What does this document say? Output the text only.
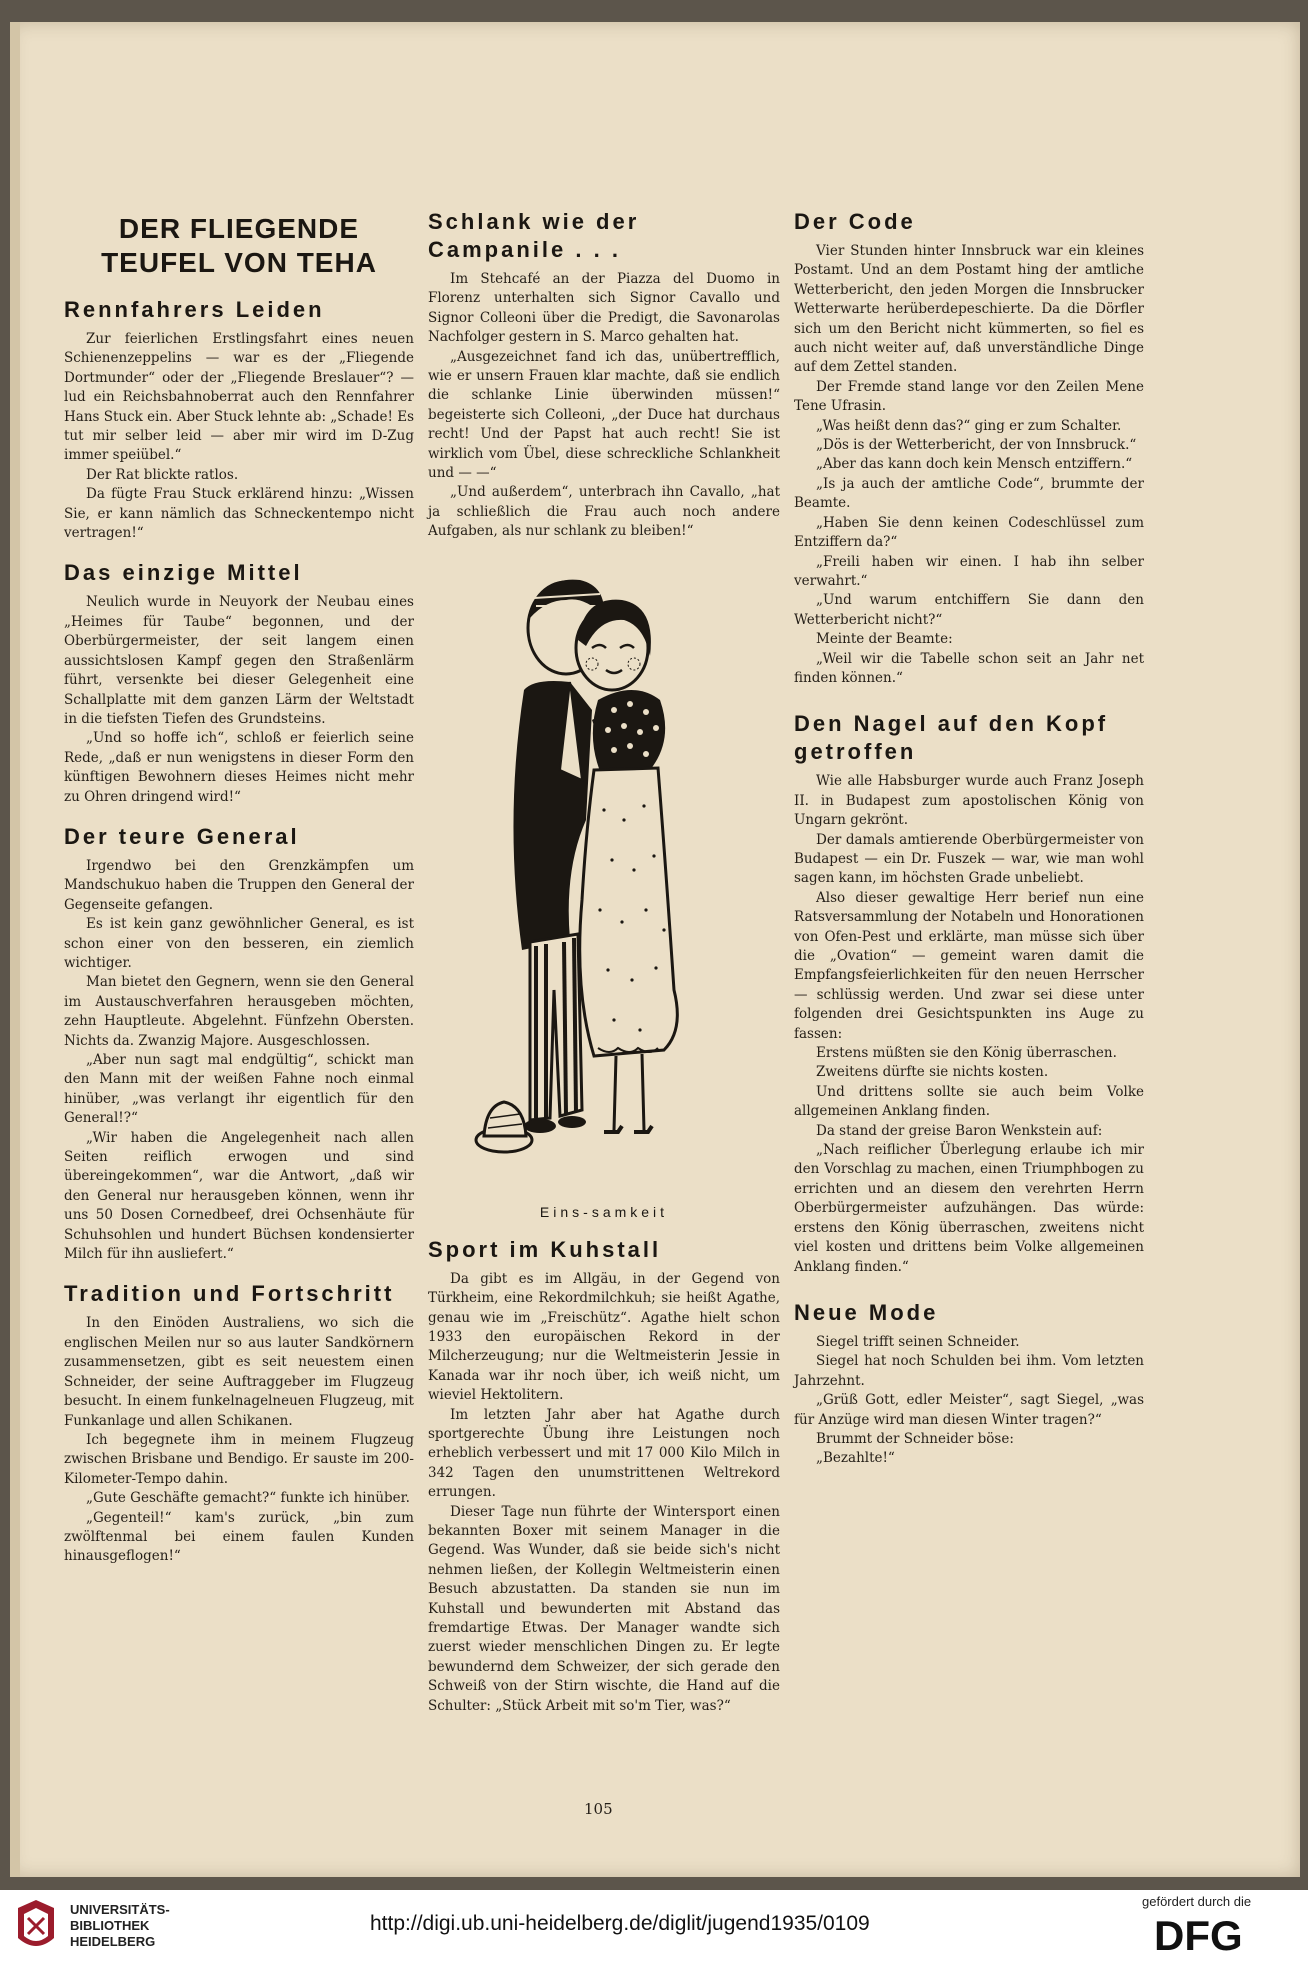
DER FLIEGENDE TEUFEL VON TEHA
Rennfahrers Leiden

Zur feierlichen Erstlingsfahrt eines neuen Schienenzeppelins — war es der „Fliegende Dortmunder“ oder der „Fliegende Breslauer“? — lud ein Reichsbahnoberrat auch den Rennfahrer Hans Stuck ein. Aber Stuck lehnte ab: „Schade! Es tut mir selber leid — aber mir wird im D-Zug immer speiübel.“

Der Rat blickte ratlos.

Da fügte Frau Stuck erklärend hinzu: „Wissen Sie, er kann nämlich das Schneckentempo nicht vertragen!“

Das einzige Mittel

Neulich wurde in Neuyork der Neubau eines „Heimes für Taube“ begonnen, und der Oberbürgermeister, der seit langem einen aussichtslosen Kampf gegen den Straßenlärm führt, versenkte bei dieser Gelegenheit eine Schallplatte mit dem ganzen Lärm der Weltstadt in die tiefsten Tiefen des Grundsteins.

„Und so hoffe ich“, schloß er feierlich seine Rede, „daß er nun wenigstens in dieser Form den künftigen Bewohnern dieses Heimes nicht mehr zu Ohren dringend wird!“

Der teure General

Irgendwo bei den Grenzkämpfen um Mandschukuo haben die Truppen den General der Gegenseite gefangen.

Es ist kein ganz gewöhnlicher General, es ist schon einer von den besseren, ein ziemlich wichtiger.

Man bietet den Gegnern, wenn sie den General im Austauschverfahren herausgeben möchten, zehn Hauptleute. Abgelehnt. Fünfzehn Obersten. Nichts da. Zwanzig Majore. Ausgeschlossen.

„Aber nun sagt mal endgültig“, schickt man den Mann mit der weißen Fahne noch einmal hinüber, „was verlangt ihr eigentlich für den General!?“

„Wir haben die Angelegenheit nach allen Seiten reiflich erwogen und sind übereingekommen“, war die Antwort, „daß wir den General nur herausgeben können, wenn ihr uns 50 Dosen Cornedbeef, drei Ochsenhäute für Schuhsohlen und hundert Büchsen kondensierter Milch für ihn ausliefert.“

Tradition und Fortschritt

In den Einöden Australiens, wo sich die englischen Meilen nur so aus lauter Sandkörnern zusammensetzen, gibt es seit neuestem einen Schneider, der seine Auftraggeber im Flugzeug besucht. In einem funkelnagelneuen Flugzeug, mit Funkanlage und allen Schikanen.

Ich begegnete ihm in meinem Flugzeug zwischen Brisbane und Bendigo. Er sauste im 200-Kilometer-Tempo dahin.

„Gute Geschäfte gemacht?“ funkte ich hinüber.

„Gegenteil!“ kam's zurück, „bin zum zwölftenmal bei einem faulen Kunden hinausgeflogen!“

Schlank wie der Campanile . . .

Im Stehcafé an der Piazza del Duomo in Florenz unterhalten sich Signor Cavallo und Signor Colleoni über die Predigt, die Savonarolas Nachfolger gestern in S. Marco gehalten hat.

„Ausgezeichnet fand ich das, unübertrefflich, wie er unsern Frauen klar machte, daß sie endlich die schlanke Linie überwinden müssen!“ begeisterte sich Colleoni, „der Duce hat durchaus recht! Und der Papst hat auch recht! Sie ist wirklich vom Übel, diese schreckliche Schlankheit und — —“

„Und außerdem“, unterbrach ihn Cavallo, „hat ja schließlich die Frau auch noch andere Aufgaben, als nur schlank zu bleiben!“

Eins-samkeit
Sport im Kuhstall

Da gibt es im Allgäu, in der Gegend von Türkheim, eine Rekordmilchkuh; sie heißt Agathe, genau wie im „Freischütz“. Agathe hielt schon 1933 den europäischen Rekord in der Milcherzeugung; nur die Weltmeisterin Jessie in Kanada war ihr noch über, ich weiß nicht, um wieviel Hektolitern.

Im letzten Jahr aber hat Agathe durch sportgerechte Übung ihre Leistungen noch erheblich verbessert und mit 17 000 Kilo Milch in 342 Tagen den unumstrittenen Weltrekord errungen.

Dieser Tage nun führte der Wintersport einen bekannten Boxer mit seinem Manager in die Gegend. Was Wunder, daß sie beide sich's nicht nehmen ließen, der Kollegin Weltmeisterin einen Besuch abzustatten. Da standen sie nun im Kuhstall und bewunderten mit Abstand das fremdartige Etwas. Der Manager wandte sich zuerst wieder menschlichen Dingen zu. Er legte bewundernd dem Schweizer, der sich gerade den Schweiß von der Stirn wischte, die Hand auf die Schulter: „Stück Arbeit mit so'm Tier, was?“

Der Code

Vier Stunden hinter Innsbruck war ein kleines Postamt. Und an dem Postamt hing der amtliche Wetterbericht, den jeden Morgen die Innsbrucker Wetterwarte herüberdepeschierte. Da die Dörfler sich um den Bericht nicht kümmerten, so fiel es auch nicht weiter auf, daß unverständliche Dinge auf dem Zettel standen.

Der Fremde stand lange vor den Zeilen Mene Tene Ufrasin.

„Was heißt denn das?“ ging er zum Schalter.

„Dös is der Wetterbericht, der von Innsbruck.“

„Aber das kann doch kein Mensch entziffern.“

„Is ja auch der amtliche Code“, brummte der Beamte.

„Haben Sie denn keinen Codeschlüssel zum Entziffern da?“

„Freili haben wir einen. I hab ihn selber verwahrt.“

„Und warum entchiffern Sie dann den Wetterbericht nicht?“

Meinte der Beamte:

„Weil wir die Tabelle schon seit an Jahr net finden können.“

Den Nagel auf den Kopf getroffen

Wie alle Habsburger wurde auch Franz Joseph II. in Budapest zum apostolischen König von Ungarn gekrönt.

Der damals amtierende Oberbürgermeister von Budapest — ein Dr. Fuszek — war, wie man wohl sagen kann, im höchsten Grade unbeliebt.

Also dieser gewaltige Herr berief nun eine Ratsversammlung der Notabeln und Honorationen von Ofen-Pest und erklärte, man müsse sich über die „Ovation“ — gemeint waren damit die Empfangsfeierlichkeiten für den neuen Herrscher — schlüssig werden. Und zwar sei diese unter folgenden drei Gesichtspunkten ins Auge zu fassen:

Erstens müßten sie den König überraschen.

Zweitens dürfte sie nichts kosten.

Und drittens sollte sie auch beim Volke allgemeinen Anklang finden.

Da stand der greise Baron Wenkstein auf:

„Nach reiflicher Überlegung erlaube ich mir den Vorschlag zu machen, einen Triumphbogen zu errichten und an diesem den verehrten Herrn Oberbürgermeister aufzuhängen. Das würde: erstens den König überraschen, zweitens nicht viel kosten und drittens beim Volke allgemeinen Anklang finden.“

Neue Mode

Siegel trifft seinen Schneider.

Siegel hat noch Schulden bei ihm. Vom letzten Jahrzehnt.

„Grüß Gott, edler Meister“, sagt Siegel, „was für Anzüge wird man diesen Winter tragen?“

Brummt der Schneider böse:

„Bezahlte!“

105
UNIVERSITÄTS-
BIBLIOTHEK
HEIDELBERG
http://digi.ub.uni-heidelberg.de/diglit/jugend1935/0109
gefördert durch die
DFG
